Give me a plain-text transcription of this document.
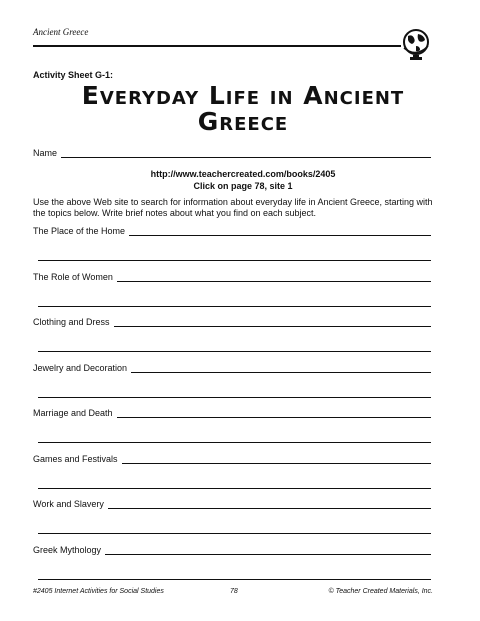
Ancient Greece
Activity Sheet G-1:
Everyday Life in Ancient
Greece
Name
http://www.teachercreated.com/books/2405
Click on page 78, site 1
Use the above Web site to search for information about everyday life in Ancient Greece, starting with the topics below. Write brief notes about what you find on each subject.
The Place of the Home
The Role of Women
Clothing and Dress
Jewelry and Decoration
Marriage and Death
Games and Festivals
Work and Slavery
Greek Mythology
#2405 Internet Activities for Social Studies	78	© Teacher Created Materials, Inc.
